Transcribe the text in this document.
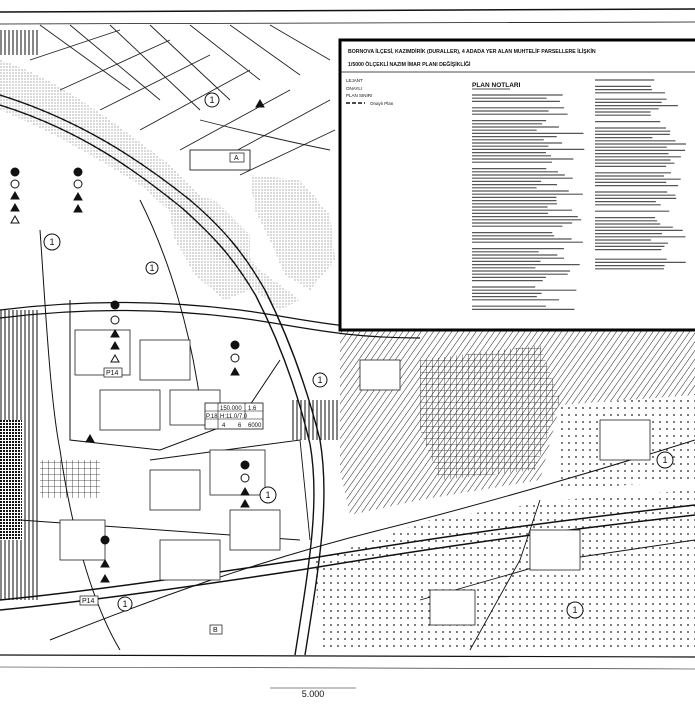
1
1
1
1
1
1
1
1
P14
P14
A
B
P.18
150.000 1.6
H:11.0/7.0
4 6 6000
BORNOVA İLÇESİ, KAZIMDİRİK (DURALLER), 4 ADADA YER ALAN MUHTELİF PARSELLERE İLİŞKİN
1/5000 ÖLÇEKLİ NAZIM İMAR PLANI DEĞİŞİKLİĞİ
LEJANT
ONAYLI
PLAN SINIRI
Onaylı Plan
PLAN NOTLARI
5.000
